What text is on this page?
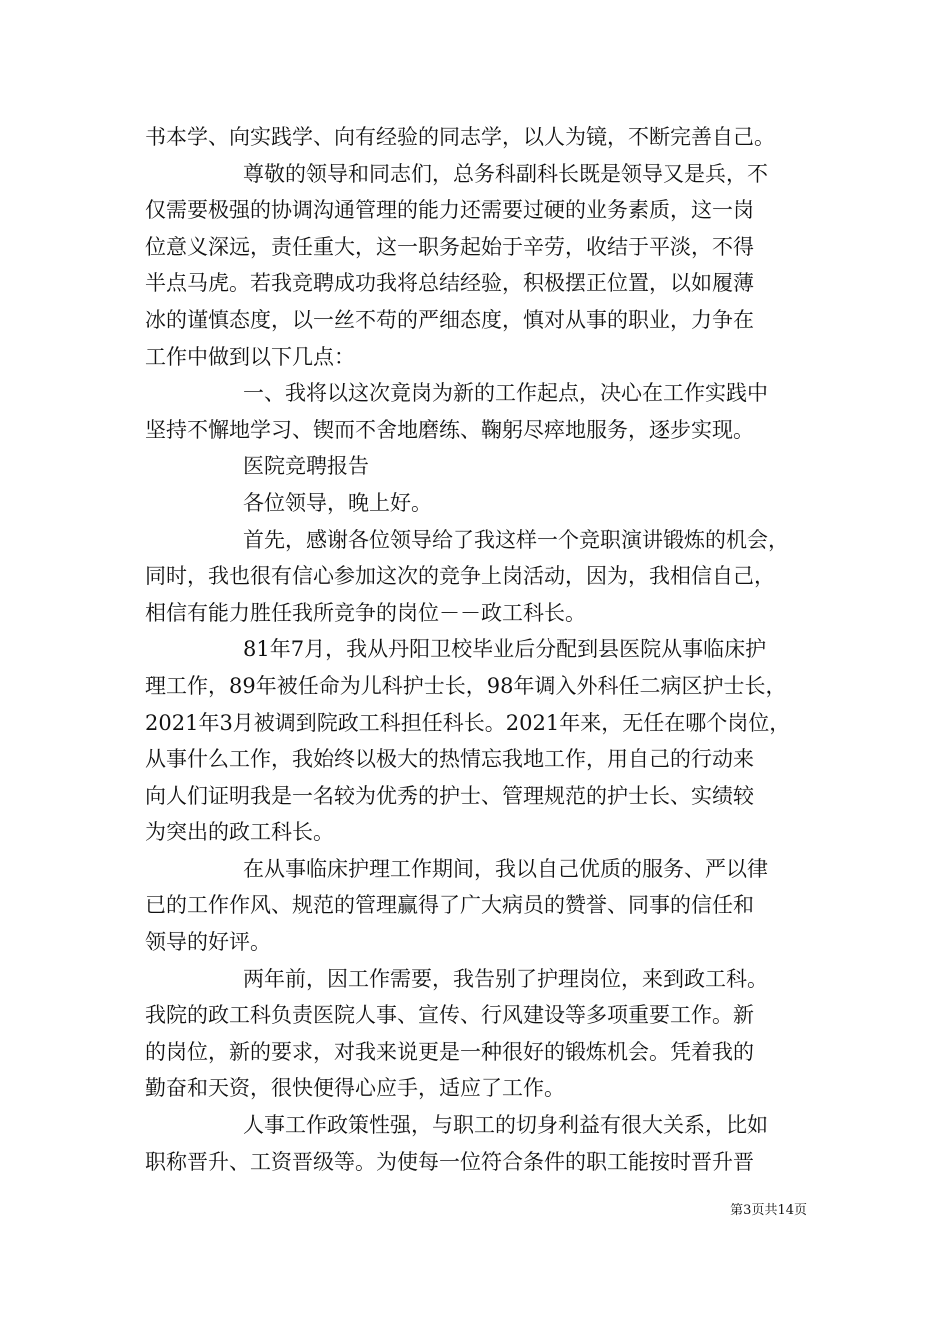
书本学、向实践学、向有经验的同志学，以人为镜，不断完善自己。
尊敬的领导和同志们，总务科副科长既是领导又是兵，不
仅需要极强的协调沟通管理的能力还需要过硬的业务素质，这一岗
位意义深远，责任重大，这一职务起始于辛劳，收结于平淡，不得
半点马虎。若我竞聘成功我将总结经验，积极摆正位置，以如履薄
冰的谨慎态度，以一丝不苟的严细态度，慎对从事的职业，力争在
工作中做到以下几点：
一、我将以这次竟岗为新的工作起点，决心在工作实践中
坚持不懈地学习、锲而不舍地磨练、鞠躬尽瘁地服务，逐步实现。
医院竞聘报告
各位领导，晚上好。
首先，感谢各位领导给了我这样一个竞职演讲锻炼的机会，
同时，我也很有信心参加这次的竞争上岗活动，因为，我相信自己，
相信有能力胜任我所竞争的岗位－－政工科长。
81年7月，我从丹阳卫校毕业后分配到县医院从事临床护
理工作，89年被任命为儿科护士长，98年调入外科任二病区护士长，
2021年3月被调到院政工科担任科长。2021年来，无任在哪个岗位，
从事什么工作，我始终以极大的热情忘我地工作，用自己的行动来
向人们证明我是一名较为优秀的护士、管理规范的护士长、实绩较
为突出的政工科长。
在从事临床护理工作期间，我以自己优质的服务、严以律
已的工作作风、规范的管理赢得了广大病员的赞誉、同事的信任和
领导的好评。
两年前，因工作需要，我告别了护理岗位，来到政工科。
我院的政工科负责医院人事、宣传、行风建设等多项重要工作。新
的岗位，新的要求，对我来说更是一种很好的锻炼机会。凭着我的
勤奋和天资，很快便得心应手，适应了工作。
人事工作政策性强，与职工的切身利益有很大关系，比如
职称晋升、工资晋级等。为使每一位符合条件的职工能按时晋升晋
第3页共14页
